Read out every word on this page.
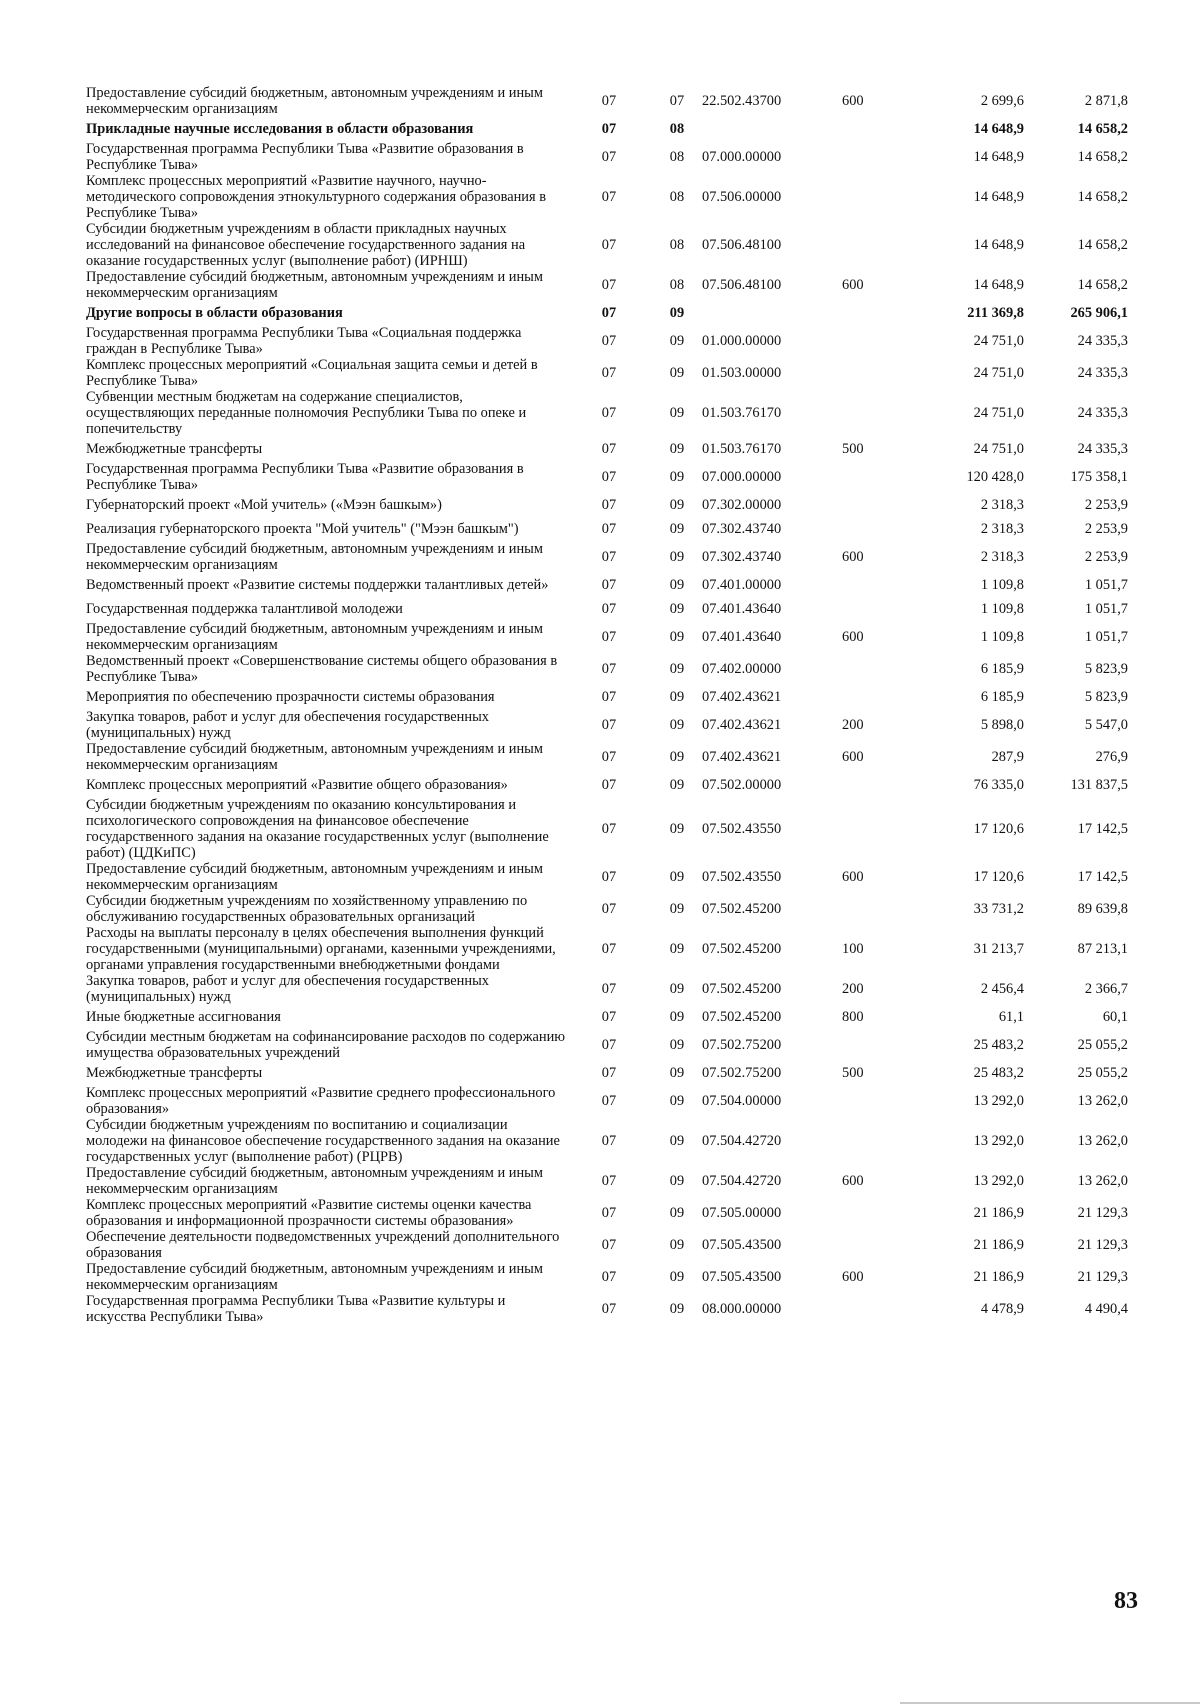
Предоставление субсидий бюджетным, автономным учреждениям и иным некоммерческим организациям	07	07	22.502.43700	600	2 699,6	2 871,8
Прикладные научные исследования в области образования	07	08			14 648,9	14 658,2
Государственная программа Республики Тыва «Развитие образования в Республике Тыва»	07	08	07.000.00000		14 648,9	14 658,2
Комплекс процессных мероприятий «Развитие научного, научно-методического сопровождения этнокультурного содержания образования в Республике Тыва»	07	08	07.506.00000		14 648,9	14 658,2
Субсидии бюджетным учреждениям в области прикладных научных исследований на финансовое обеспечение государственного задания на оказание государственных услуг (выполнение работ) (ИРНШ)	07	08	07.506.48100		14 648,9	14 658,2
Предоставление субсидий бюджетным, автономным учреждениям и иным некоммерческим организациям	07	08	07.506.48100	600	14 648,9	14 658,2
Другие вопросы в области образования	07	09			211 369,8	265 906,1
Государственная программа Республики Тыва «Социальная поддержка граждан в Республике Тыва»	07	09	01.000.00000		24 751,0	24 335,3
Комплекс процессных мероприятий «Социальная защита семьи и детей в Республике Тыва»	07	09	01.503.00000		24 751,0	24 335,3
Субвенции местным бюджетам на содержание специалистов, осуществляющих переданные полномочия Республики Тыва по опеке и попечительству	07	09	01.503.76170		24 751,0	24 335,3
Межбюджетные трансферты	07	09	01.503.76170	500	24 751,0	24 335,3
Государственная программа Республики Тыва «Развитие образования в Республике Тыва»	07	09	07.000.00000		120 428,0	175 358,1
Губернаторский проект «Мой учитель» («Мээн башкым»)	07	09	07.302.00000		2 318,3	2 253,9
Реализация губернаторского проекта "Мой учитель" ("Мээн башкым")	07	09	07.302.43740		2 318,3	2 253,9
Предоставление субсидий бюджетным, автономным учреждениям и иным некоммерческим организациям	07	09	07.302.43740	600	2 318,3	2 253,9
Ведомственный проект «Развитие системы поддержки талантливых детей»	07	09	07.401.00000		1 109,8	1 051,7
Государственная поддержка талантливой молодежи	07	09	07.401.43640		1 109,8	1 051,7
Предоставление субсидий бюджетным, автономным учреждениям и иным некоммерческим организациям	07	09	07.401.43640	600	1 109,8	1 051,7
Ведомственный проект «Совершенствование системы общего образования в Республике Тыва»	07	09	07.402.00000		6 185,9	5 823,9
Мероприятия по обеспечению прозрачности системы образования	07	09	07.402.43621		6 185,9	5 823,9
Закупка товаров, работ и услуг для обеспечения государственных (муниципальных) нужд	07	09	07.402.43621	200	5 898,0	5 547,0
Предоставление субсидий бюджетным, автономным учреждениям и иным некоммерческим организациям	07	09	07.402.43621	600	287,9	276,9
Комплекс процессных мероприятий «Развитие общего образования»	07	09	07.502.00000		76 335,0	131 837,5
Субсидии бюджетным учреждениям по оказанию консультирования и психологического сопровождения на финансовое обеспечение государственного задания на оказание государственных услуг (выполнение работ) (ЦДКиПС)	07	09	07.502.43550		17 120,6	17 142,5
Предоставление субсидий бюджетным, автономным учреждениям и иным некоммерческим организациям	07	09	07.502.43550	600	17 120,6	17 142,5
Субсидии бюджетным учреждениям по хозяйственному управлению по обслуживанию государственных образовательных организаций	07	09	07.502.45200		33 731,2	89 639,8
Расходы на выплаты персоналу в целях обеспечения выполнения функций государственными (муниципальными) органами, казенными учреждениями, органами управления государственными внебюджетными фондами	07	09	07.502.45200	100	31 213,7	87 213,1
Закупка товаров, работ и услуг для обеспечения государственных (муниципальных) нужд	07	09	07.502.45200	200	2 456,4	2 366,7
Иные бюджетные ассигнования	07	09	07.502.45200	800	61,1	60,1
Субсидии местным бюджетам на софинансирование расходов по содержанию имущества образовательных учреждений	07	09	07.502.75200		25 483,2	25 055,2
Межбюджетные трансферты	07	09	07.502.75200	500	25 483,2	25 055,2
Комплекс процессных мероприятий «Развитие среднего профессионального образования»	07	09	07.504.00000		13 292,0	13 262,0
Субсидии бюджетным учреждениям по воспитанию и социализации молодежи на финансовое обеспечение государственного задания на оказание государственных услуг (выполнение работ) (РЦРВ)	07	09	07.504.42720		13 292,0	13 262,0
Предоставление субсидий бюджетным, автономным учреждениям и иным некоммерческим организациям	07	09	07.504.42720	600	13 292,0	13 262,0
Комплекс процессных мероприятий «Развитие системы оценки качества образования и информационной прозрачности системы образования»	07	09	07.505.00000		21 186,9	21 129,3
Обеспечение деятельности подведомственных учреждений дополнительного образования	07	09	07.505.43500		21 186,9	21 129,3
Предоставление субсидий бюджетным, автономным учреждениям и иным некоммерческим организациям	07	09	07.505.43500	600	21 186,9	21 129,3
Государственная программа Республики Тыва «Развитие культуры и искусства Республики Тыва»	07	09	08.000.00000		4 478,9	4 490,4
83
